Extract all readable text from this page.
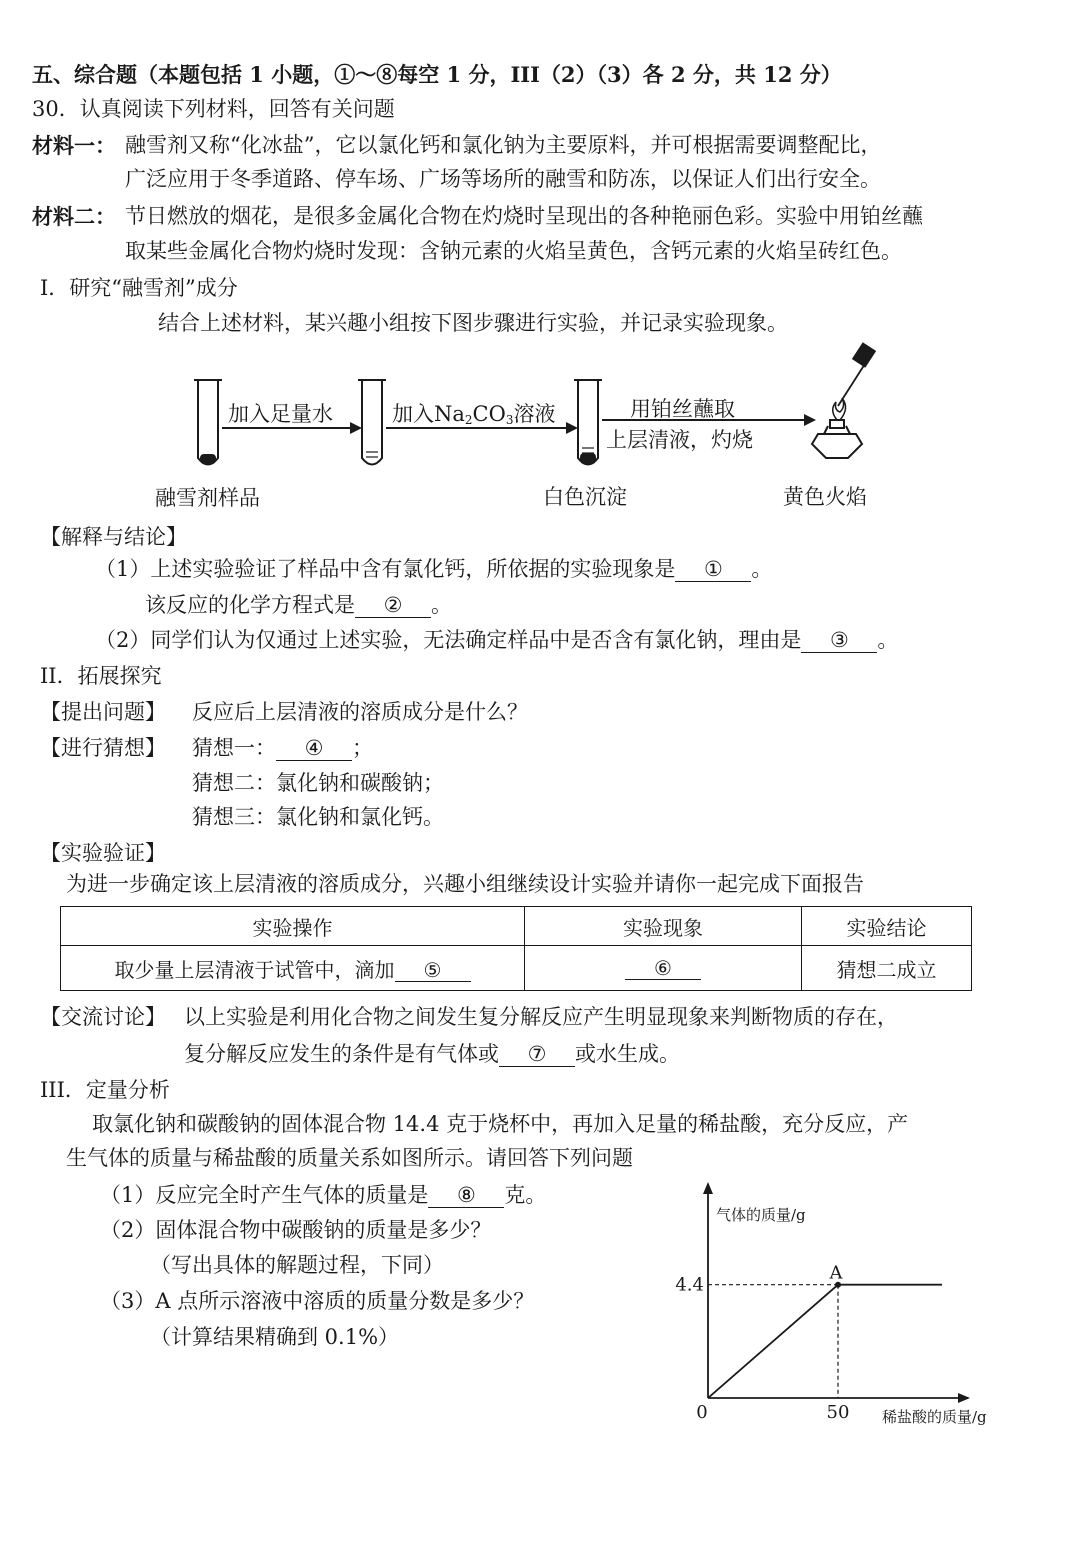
五、综合题（本题包括 1 小题，①～⑧每空 1 分，III（2）（3）各 2 分，共 12 分）
30．认真阅读下列材料，回答有关问题
材料一： 融雪剂又称“化冰盐”，它以氯化钙和氯化钠为主要原料，并可根据需要调整配比，
广泛应用于冬季道路、停车场、广场等场所的融雪和防冻，以保证人们出行安全。
材料二： 节日燃放的烟花，是很多金属化合物在灼烧时呈现出的各种艳丽色彩。实验中用铂丝蘸
取某些金属化合物灼烧时发现：含钠元素的火焰呈黄色，含钙元素的火焰呈砖红色。
I．研究“融雪剂”成分
结合上述材料，某兴趣小组按下图步骤进行实验，并记录实验现象。
加入足量水	加入$Na_2CO_3$溶液	用铂丝蘸取
上层清液，灼烧
融雪剂样品	白色沉淀	黄色火焰
【解释与结论】
（1）上述实验验证了样品中含有氯化钙，所依据的实验现象是 ① 。
该反应的化学方程式是 ② 。
（2）同学们认为仅通过上述实验，无法确定样品中是否含有氯化钠，理由是 ③ 。
II．拓展探究
【提出问题】 反应后上层清液的溶质成分是什么？
【进行猜想】 猜想一： ④ ；
猜想二：氯化钠和碳酸钠；
猜想三：氯化钠和氯化钙。
【实验验证】
为进一步确定该上层清液的溶质成分，兴趣小组继续设计实验并请你一起完成下面报告
实验操作	实验现象	实验结论
取少量上层清液于试管中，滴加 ⑤	⑥	猜想二成立
【交流讨论】 以上实验是利用化合物之间发生复分解反应产生明显现象来判断物质的存在，
复分解反应发生的条件是有气体或 ⑦ 或水生成。
III．定量分析
取氯化钠和碳酸钠的固体混合物 14.4 克于烧杯中，再加入足量的稀盐酸，充分反应，产
生气体的质量与稀盐酸的质量关系如图所示。请回答下列问题
（1）反应完全时产生气体的质量是 ⑧ 克。
（2）固体混合物中碳酸钠的质量是多少？
（写出具体的解题过程，下同）
（3）A 点所示溶液中溶质的质量分数是多少？
（计算结果精确到 0.1%）
气体的质量/g
稀盐酸的质量/g
0	50
4.4
A
